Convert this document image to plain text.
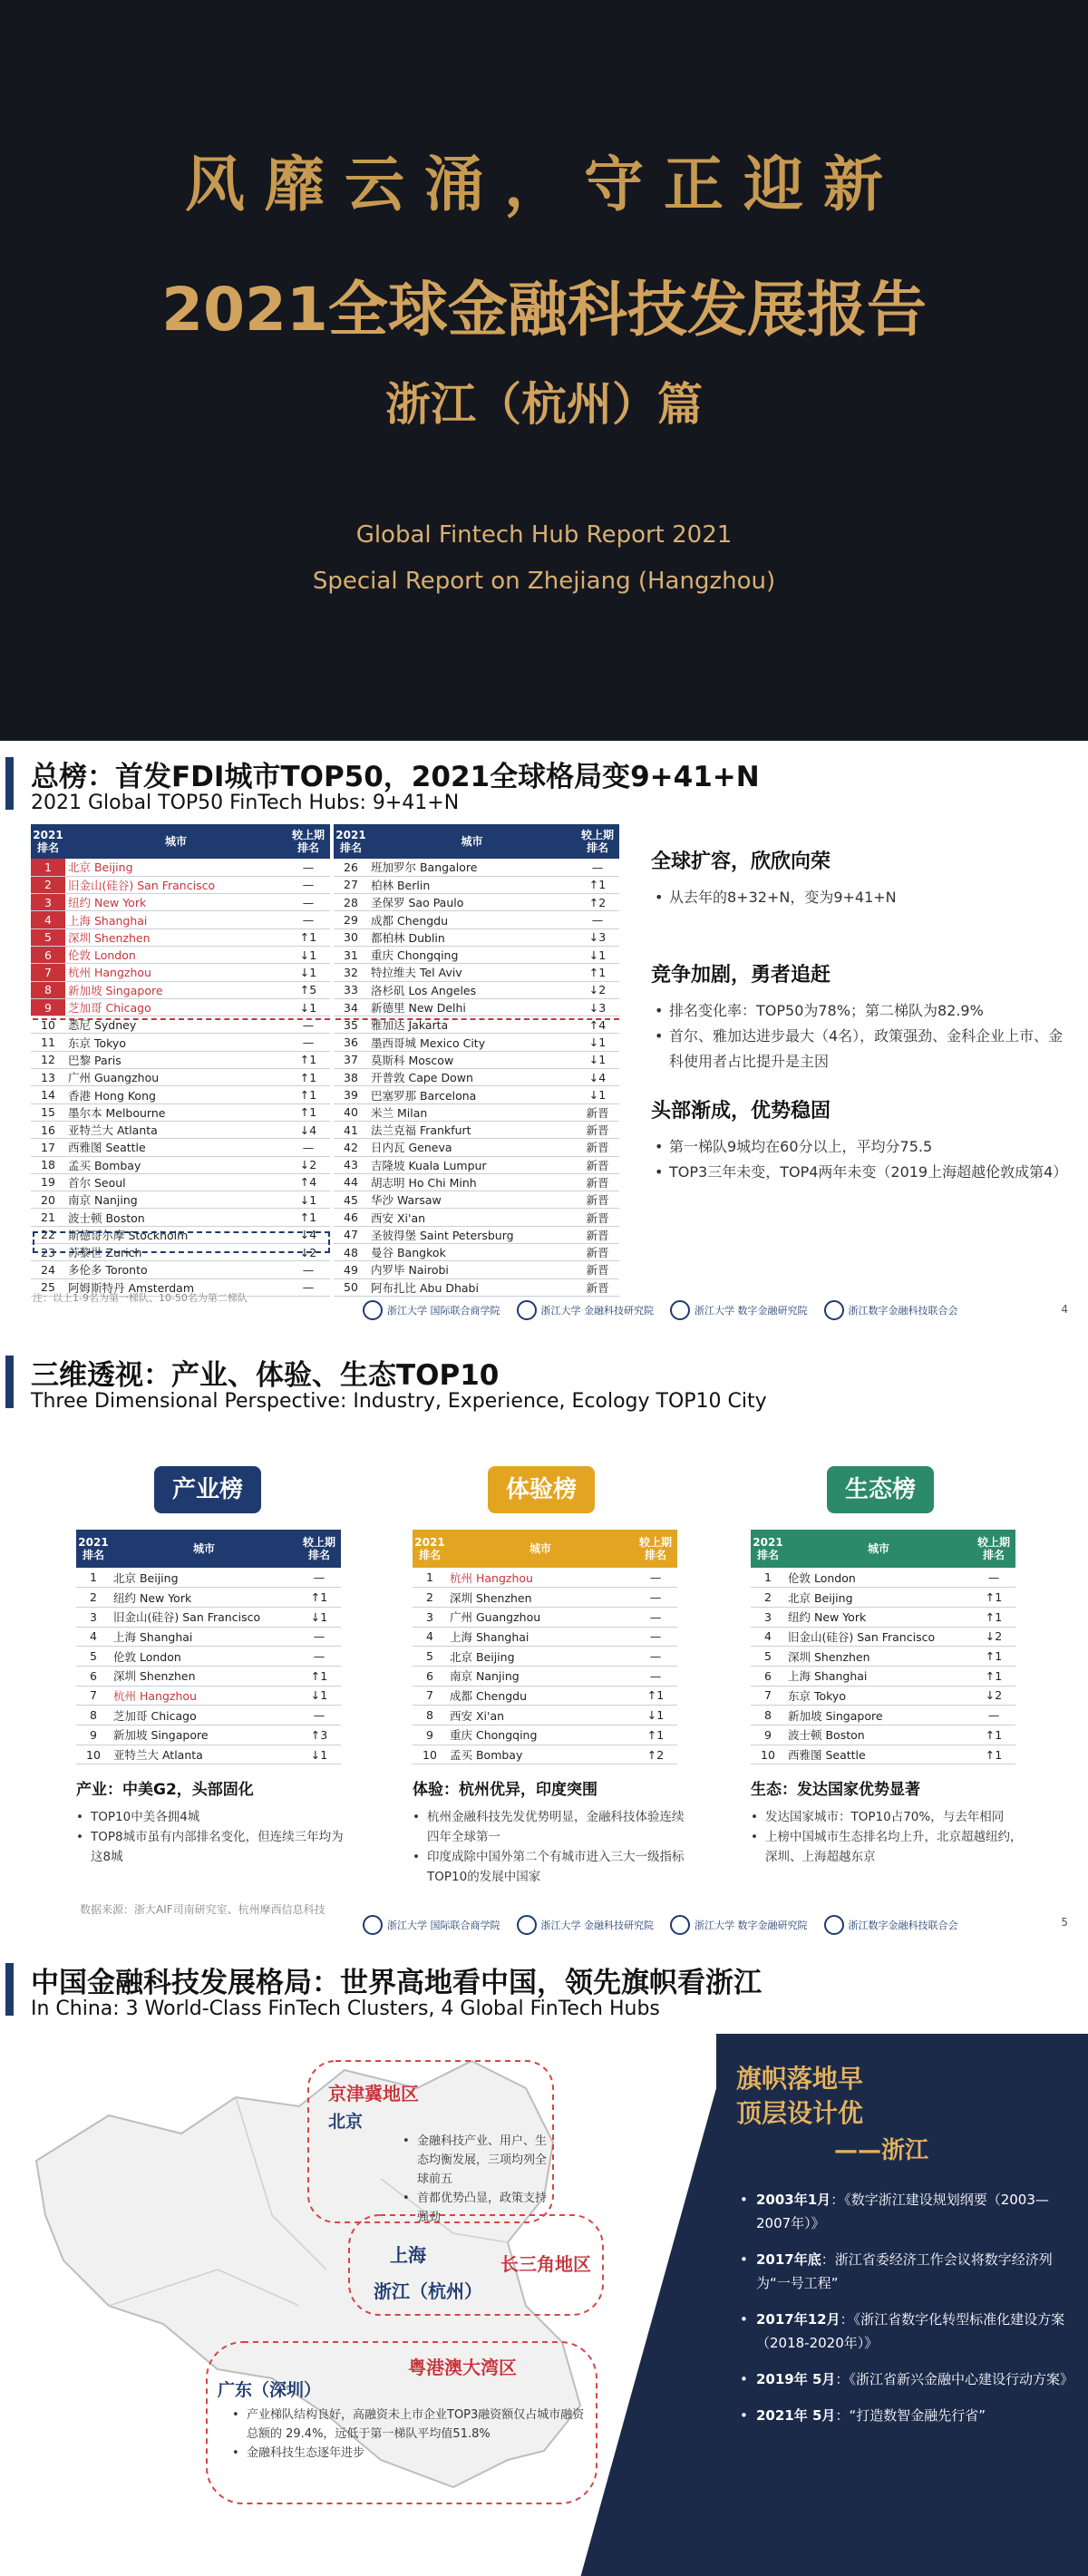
风靡云涌，守正迎新
2021全球金融科技发展报告
浙江（杭州）篇
Global Fintech Hub Report 2021
Special Report on Zhejiang (Hangzhou)
总榜：首发FDI城市TOP50，2021全球格局变9+41+N
2021 Global TOP50 FinTech Hubs: 9+41+N
2021
排名	城市	较上期
排名
1	北京 Beijing	—
2	旧金山(硅谷) San Francisco	—
3	纽约 New York	—
4	上海 Shanghai	—
5	深圳 Shenzhen	↑1
6	伦敦 London	↓1
7	杭州 Hangzhou	↓1
8	新加坡 Singapore	↑5
9	芝加哥 Chicago	↓1
10	悉尼 Sydney	—
11	东京 Tokyo	—
12	巴黎 Paris	↑1
13	广州 Guangzhou	↑1
14	香港 Hong Kong	↑1
15	墨尔本 Melbourne	↑1
16	亚特兰大 Atlanta	↓4
17	西雅图 Seattle	—
18	孟买 Bombay	↓2
19	首尔 Seoul	↑4
20	南京 Nanjing	↓1
21	波士顿 Boston	↑1
22	斯德哥尔摩 Stockholm	↓4
23	苏黎世 Zurich	↓2
24	多伦多 Toronto	—
25	阿姆斯特丹 Amsterdam	—
2021
排名	城市	较上期
排名
26	班加罗尔 Bangalore	—
27	柏林 Berlin	↑1
28	圣保罗 Sao Paulo	↑2
29	成都 Chengdu	—
30	都柏林 Dublin	↓3
31	重庆 Chongqing	↓1
32	特拉维夫 Tel Aviv	↑1
33	洛杉矶 Los Angeles	↓2
34	新德里 New Delhi	↓3
35	雅加达 Jakarta	↑4
36	墨西哥城 Mexico City	↓1
37	莫斯科 Moscow	↓1
38	开普敦 Cape Down	↓4
39	巴塞罗那 Barcelona	↓1
40	米兰 Milan	新晋
41	法兰克福 Frankfurt	新晋
42	日内瓦 Geneva	新晋
43	吉隆坡 Kuala Lumpur	新晋
44	胡志明 Ho Chi Minh	新晋
45	华沙 Warsaw	新晋
46	西安 Xi'an	新晋
47	圣彼得堡 Saint Petersburg	新晋
48	曼谷 Bangkok	新晋
49	内罗毕 Nairobi	新晋
50	阿布扎比 Abu Dhabi	新晋
注：以上1-9名为第一梯队、10-50名为第二梯队
全球扩容，欣欣向荣
• 从去年的8+32+N，变为9+41+N
竞争加剧，勇者追赶
• 排名变化率：TOP50为78%；第二梯队为82.9%
• 首尔、雅加达进步最大（4名），政策强劲、金科企业上市、金科使用者占比提升是主因
头部渐成，优势稳固
• 第一梯队9城均在60分以上，平均分75.5
• TOP3三年未变，TOP4两年未变（2019上海超越伦敦成第4）
浙江大学 国际联合商学院	浙江大学 金融科技研究院	浙江大学 数字金融研究院	浙江数字金融科技联合会	4
三维透视：产业、体验、生态TOP10
Three Dimensional Perspective: Industry, Experience, Ecology TOP10 City
产业榜
2021
排名	城市	较上期
排名
1	北京 Beijing	—
2	纽约 New York	↑1
3	旧金山(硅谷) San Francisco	↓1
4	上海 Shanghai	—
5	伦敦 London	—
6	深圳 Shenzhen	↑1
7	杭州 Hangzhou	↓1
8	芝加哥 Chicago	—
9	新加坡 Singapore	↑3
10	亚特兰大 Atlanta	↓1
产业：中美G2，头部固化
• TOP10中美各拥4城
• TOP8城市虽有内部排名变化，但连续三年均为这8城
体验榜
2021
排名	城市	较上期
排名
1	杭州 Hangzhou	—
2	深圳 Shenzhen	—
3	广州 Guangzhou	—
4	上海 Shanghai	—
5	北京 Beijing	—
6	南京 Nanjing	—
7	成都 Chengdu	↑1
8	西安 Xi'an	↓1
9	重庆 Chongqing	↑1
10	孟买 Bombay	↑2
体验：杭州优异，印度突围
• 杭州金融科技先发优势明显，金融科技体验连续四年全球第一
• 印度成除中国外第二个有城市进入三大一级指标TOP10的发展中国家
生态榜
2021
排名	城市	较上期
排名
1	伦敦 London	—
2	北京 Beijing	↑1
3	纽约 New York	↑1
4	旧金山(硅谷) San Francisco	↓2
5	深圳 Shenzhen	↑1
6	上海 Shanghai	↑1
7	东京 Tokyo	↓2
8	新加坡 Singapore	—
9	波士顿 Boston	↑1
10	西雅图 Seattle	↑1
生态：发达国家优势显著
• 发达国家城市：TOP10占70%，与去年相同
• 上榜中国城市生态排名均上升，北京超越纽约，深圳、上海超越东京
浙江大学 国际联合商学院	浙江大学 金融科技研究院	浙江大学 数字金融研究院	浙江数字金融科技联合会
数据来源：浙大AIF司南研究室、杭州摩西信息科技
5
中国金融科技发展格局：世界高地看中国，领先旗帜看浙江
In China: 3 World-Class FinTech Clusters, 4 Global FinTech Hubs
京津冀地区
北京
• 金融科技产业、用户、生态均衡发展，三项均列全球前五
• 首都优势凸显，政策支持强劲
上海
浙江（杭州）
长三角地区
粤港澳大湾区
广东（深圳）
• 产业梯队结构良好，高融资未上市企业TOP3融资额仅占城市融资总额的 29.4%，远低于第一梯队平均值51.8%
• 金融科技生态逐年进步
旗帜落地早
顶层设计优
——浙江
• 2003年1月：《数字浙江建设规划纲要（2003—2007年）》
• 2017年底：浙江省委经济工作会议将数字经济列为“一号工程”
• 2017年12月：《浙江省数字化转型标准化建设方案（2018-2020年）》
• 2019年 5月：《浙江省新兴金融中心建设行动方案》
• 2021年 5月：“打造数智金融先行省”
